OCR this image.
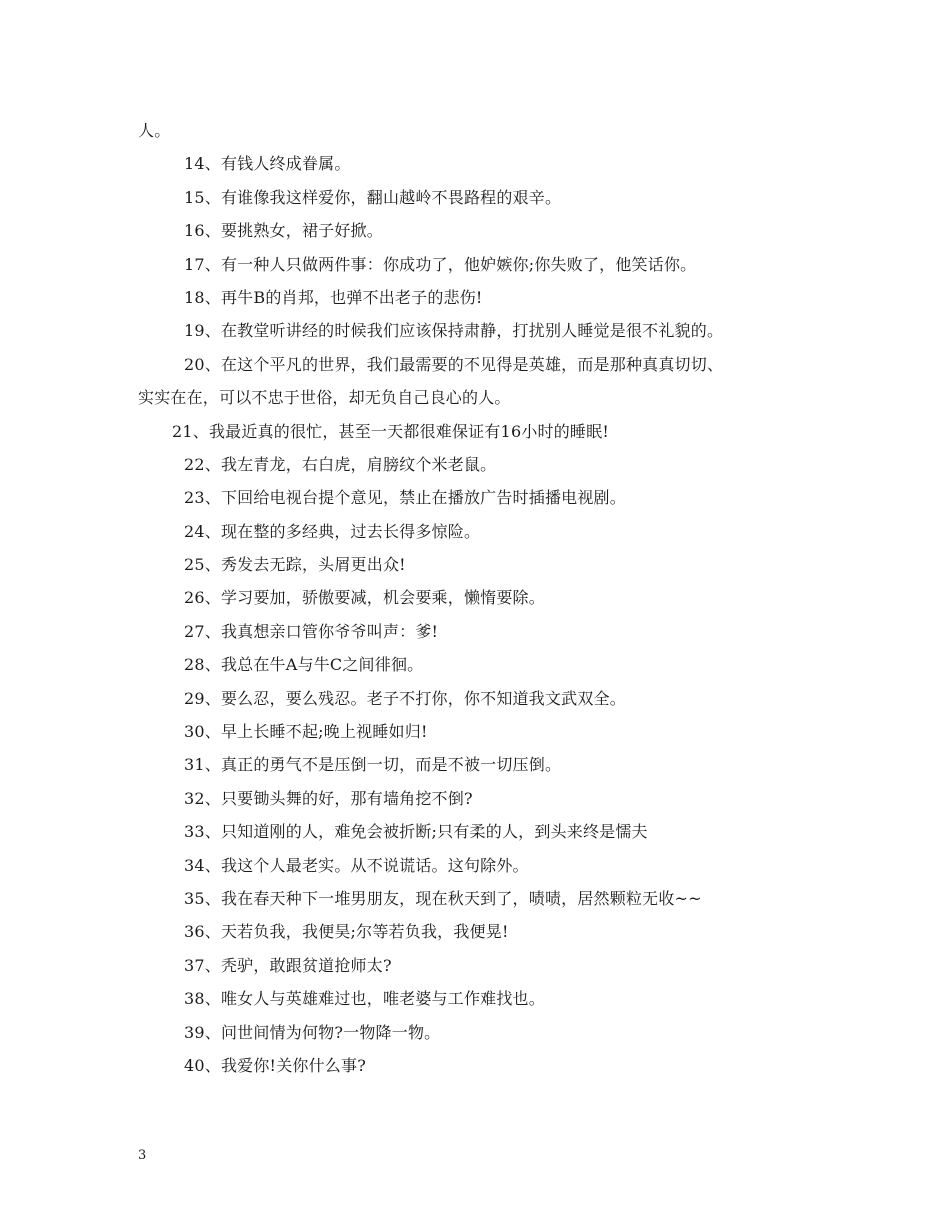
人。
14、有钱人终成眷属。
15、有谁像我这样爱你，翻山越岭不畏路程的艰辛。
16、要挑熟女，裙子好掀。
17、有一种人只做两件事：你成功了，他妒嫉你;你失败了，他笑话你。
18、再牛B的肖邦，也弹不出老子的悲伤!
19、在教堂听讲经的时候我们应该保持肃静，打扰别人睡觉是很不礼貌的。
20、在这个平凡的世界，我们最需要的不见得是英雄，而是那种真真切切、
实实在在，可以不忠于世俗，却无负自己良心的人。
21、我最近真的很忙，甚至一天都很难保证有16小时的睡眠!
22、我左青龙，右白虎，肩膀纹个米老鼠。
23、下回给电视台提个意见，禁止在播放广告时插播电视剧。
24、现在整的多经典，过去长得多惊险。
25、秀发去无踪，头屑更出众!
26、学习要加，骄傲要减，机会要乘，懒惰要除。
27、我真想亲口管你爷爷叫声：爹!
28、我总在牛A与牛C之间徘徊。
29、要么忍，要么残忍。老子不打你，你不知道我文武双全。
30、早上长睡不起;晚上视睡如归!
31、真正的勇气不是压倒一切，而是不被一切压倒。
32、只要锄头舞的好，那有墙角挖不倒?
33、只知道刚的人，难免会被折断;只有柔的人，到头来终是懦夫
34、我这个人最老实。从不说谎话。这句除外。
35、我在春天种下一堆男朋友，现在秋天到了，啧啧，居然颗粒无收~~
36、天若负我，我便昊;尔等若负我，我便晃!
37、秃驴，敢跟贫道抢师太?
38、唯女人与英雄难过也，唯老婆与工作难找也。
39、问世间情为何物?一物降一物。
40、我爱你!关你什么事?
3
